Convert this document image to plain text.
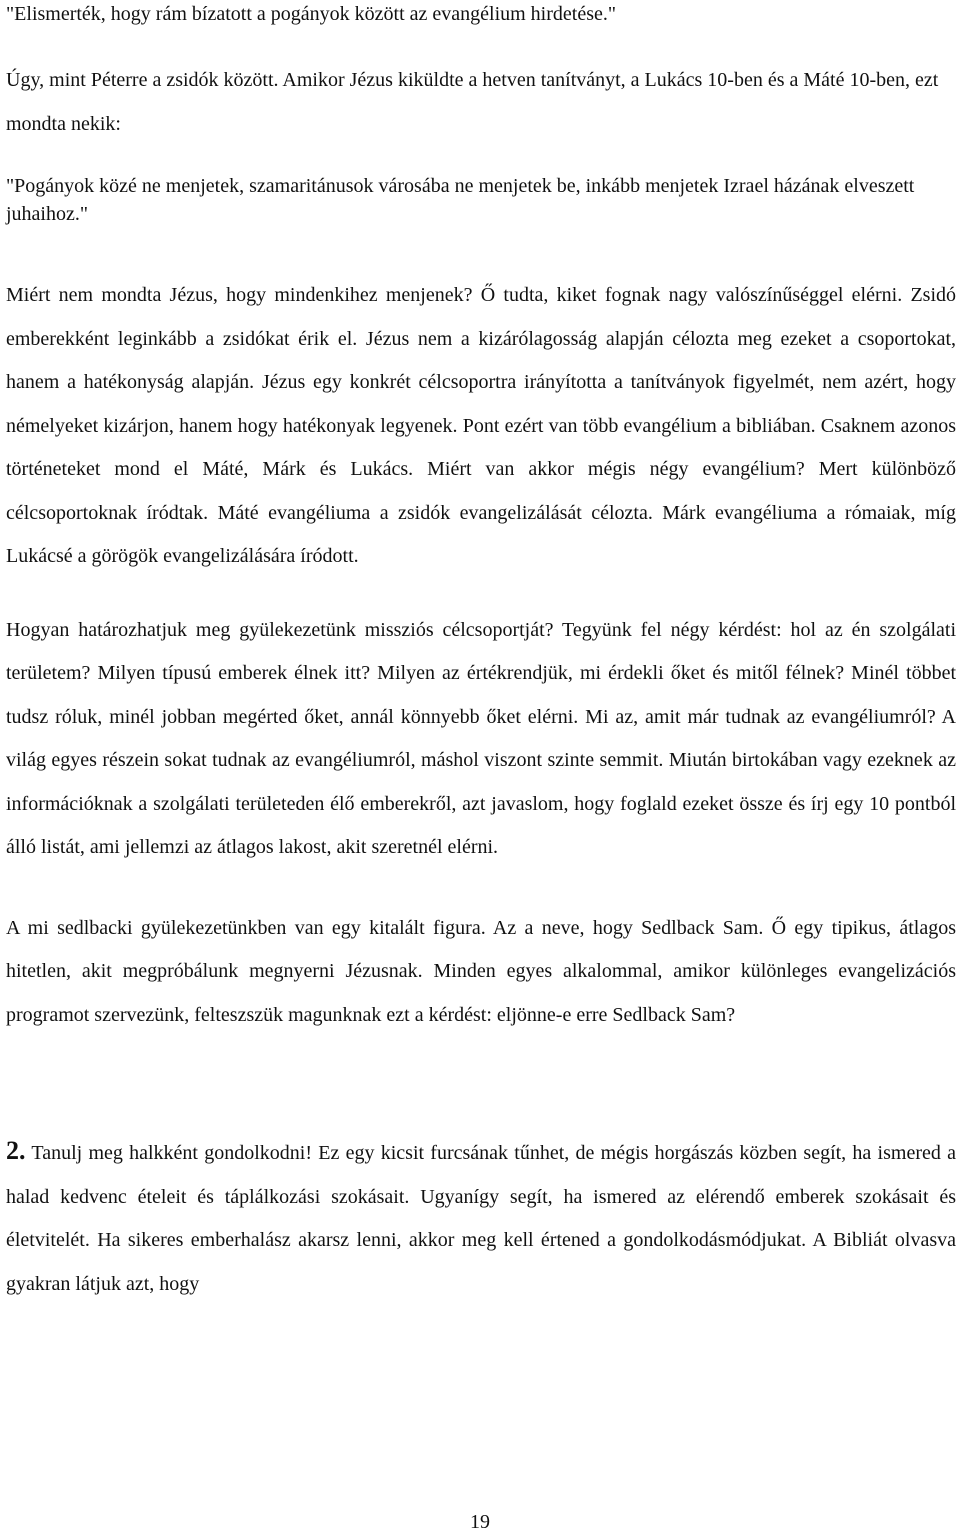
"Elismerték, hogy rám bízatott a pogányok között az evangélium hirdetése."

Úgy, mint Péterre a zsidók között. Amikor Jézus kiküldte a hetven tanítványt, a Lukács 10-ben és a Máté 10-ben, ezt mondta nekik:

"Pogányok közé ne menjetek, szamaritánusok városába ne menjetek be, inkább menjetek Izrael házának elveszett juhaihoz."

Miért nem mondta Jézus, hogy mindenkihez menjenek? Ő tudta, kiket fognak nagy valószínűséggel elérni. Zsidó emberekként leginkább a zsidókat érik el. Jézus nem a kizárólagosság alapján célozta meg ezeket a csoportokat, hanem a hatékonyság alapján. Jézus egy konkrét célcsoportra irányította a tanítványok figyelmét, nem azért, hogy némelyeket kizárjon, hanem hogy hatékonyak legyenek. Pont ezért van több evangélium a bibliában. Csaknem azonos történeteket mond el Máté, Márk és Lukács. Miért van akkor mégis négy evangélium? Mert különböző célcsoportoknak íródtak. Máté evangéliuma a zsidók evangelizálását célozta. Márk evangéliuma a rómaiak, míg Lukácsé a görögök evangelizálására íródott.

Hogyan határozhatjuk meg gyülekezetünk missziós célcsoportját? Tegyünk fel négy kérdést: hol az én szolgálati területem? Milyen típusú emberek élnek itt? Milyen az értékrendjük, mi érdekli őket és mitől félnek? Minél többet tudsz róluk, minél jobban megérted őket, annál könnyebb őket elérni. Mi az, amit már tudnak az evangéliumról? A világ egyes részein sokat tudnak az evangéliumról, máshol viszont szinte semmit. Miután birtokában vagy ezeknek az információknak a szolgálati területeden élő emberekről, azt javaslom, hogy foglald ezeket össze és írj egy 10 pontból álló listát, ami jellemzi az átlagos lakost, akit szeretnél elérni.

A mi sedlbacki gyülekezetünkben van egy kitalált figura. Az a neve, hogy Sedlback Sam. Ő egy tipikus, átlagos hitetlen, akit megpróbálunk megnyerni Jézusnak. Minden egyes alkalommal, amikor különleges evangelizációs programot szervezünk, felteszszük magunknak ezt a kérdést: eljönne-e erre Sedlback Sam?

2. Tanulj meg halkként gondolkodni! Ez egy kicsit furcsának tűnhet, de mégis horgászás közben segít, ha ismered a halad kedvenc ételeit és táplálkozási szokásait. Ugyanígy segít, ha ismered az elérendő emberek szokásait és életvitelét. Ha sikeres emberhalász akarsz lenni, akkor meg kell értened a gondolkodásmódjukat. A Bibliát olvasva gyakran látjuk azt, hogy

19
